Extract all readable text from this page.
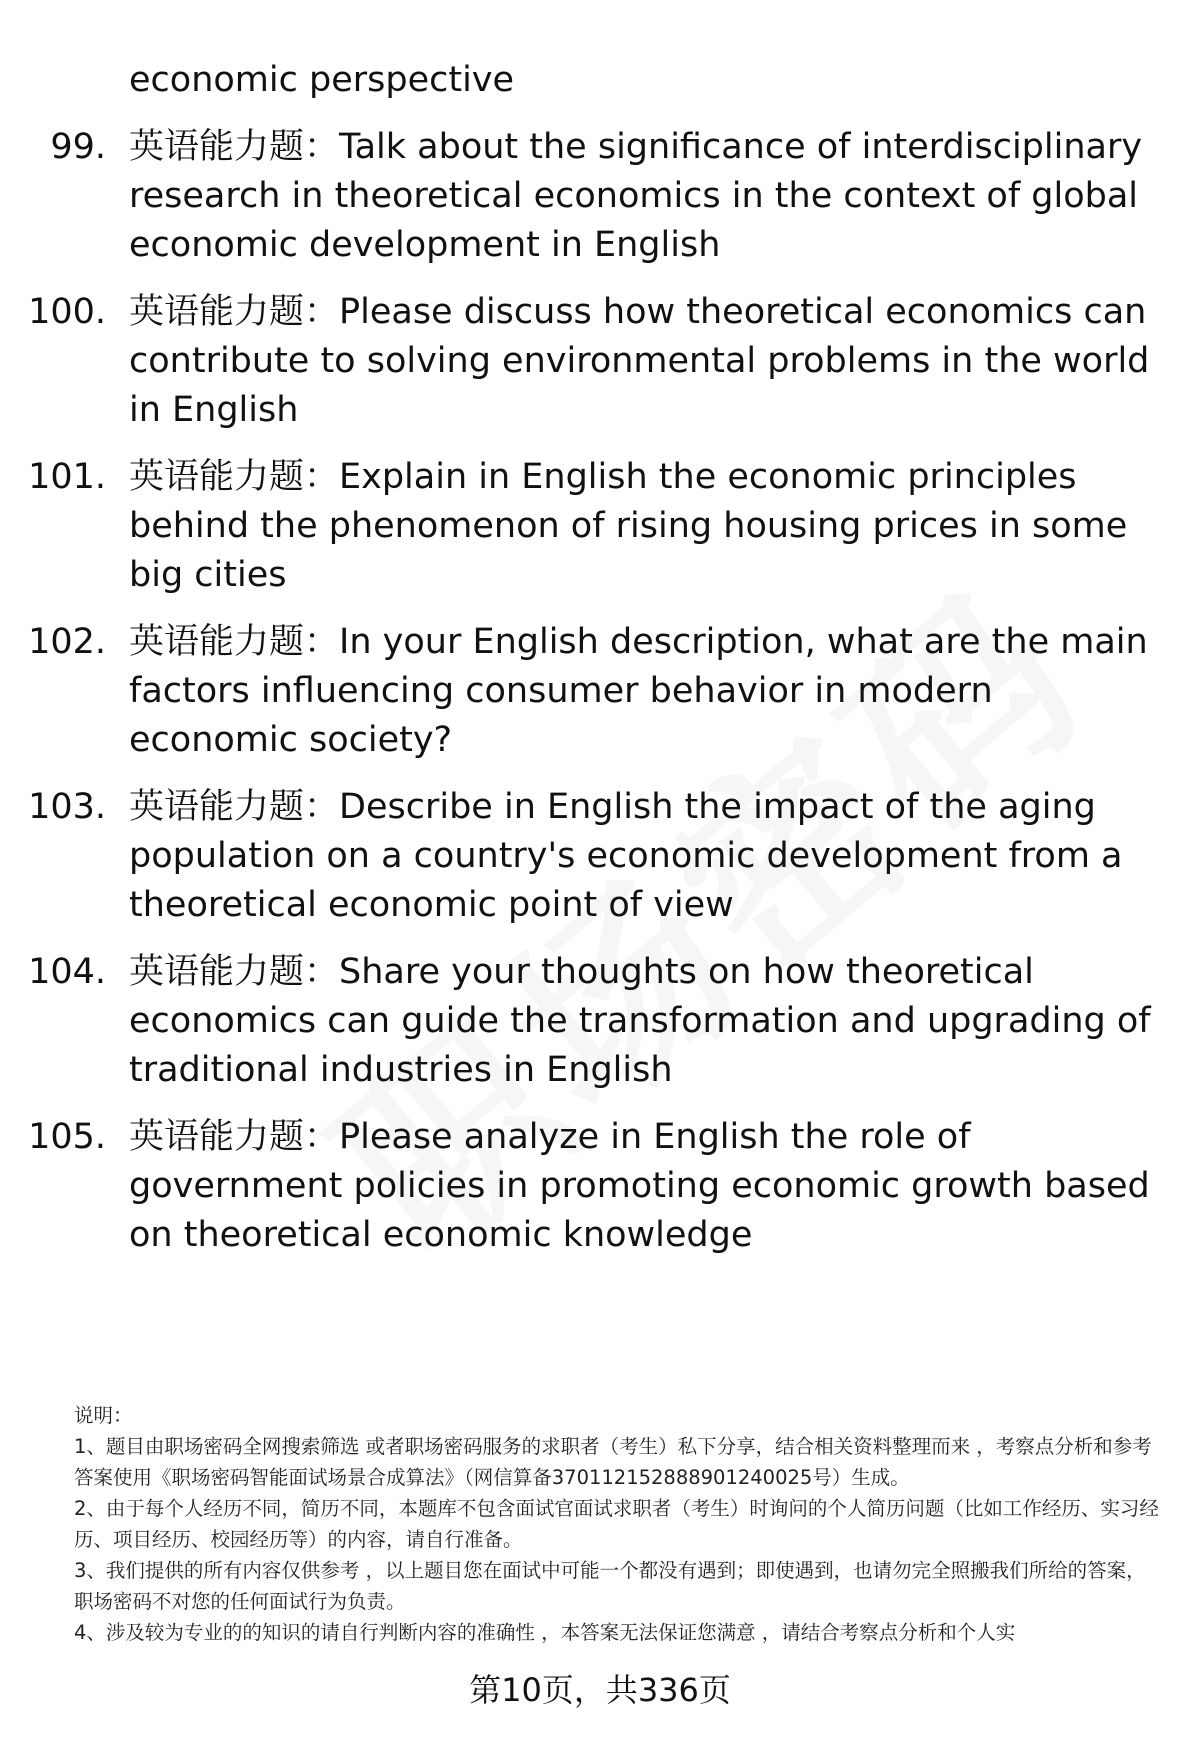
economic perspective
99. 英语能力题：Talk about the significance of interdisciplinary research in theoretical economics in the context of global economic development in English
100. 英语能力题：Please discuss how theoretical economics can contribute to solving environmental problems in the world in English
101. 英语能力题：Explain in English the economic principles behind the phenomenon of rising housing prices in some big cities
102. 英语能力题：In your English description, what are the main factors influencing consumer behavior in modern economic society?
103. 英语能力题：Describe in English the impact of the aging population on a country's economic development from a theoretical economic point of view
104. 英语能力题：Share your thoughts on how theoretical economics can guide the transformation and upgrading of traditional industries in English
105. 英语能力题：Please analyze in English the role of government policies in promoting economic growth based on theoretical economic knowledge

说明：

1、题目由职场密码全网搜索筛选 或者职场密码服务的求职者（考生）私下分享，结合相关资料整理而来 ，考察点分析和参考答案使用《职场密码智能面试场景合成算法》（网信算备370112152888901240025号）生成。

2、由于每个人经历不同，简历不同，本题库不包含面试官面试求职者（考生）时询问的个人简历问题（比如工作经历、实习经历、项目经历、校园经历等）的内容，请自行准备。

3、我们提供的所有内容仅供参考 ，以上题目您在面试中可能一个都没有遇到；即使遇到，也请勿完全照搬我们所给的答案，职场密码不对您的任何面试行为负责。

4、涉及较为专业的的知识的请自行判断内容的准确性 ，本答案无法保证您满意 ，请结合考察点分析和个人实

第10页，共336页
